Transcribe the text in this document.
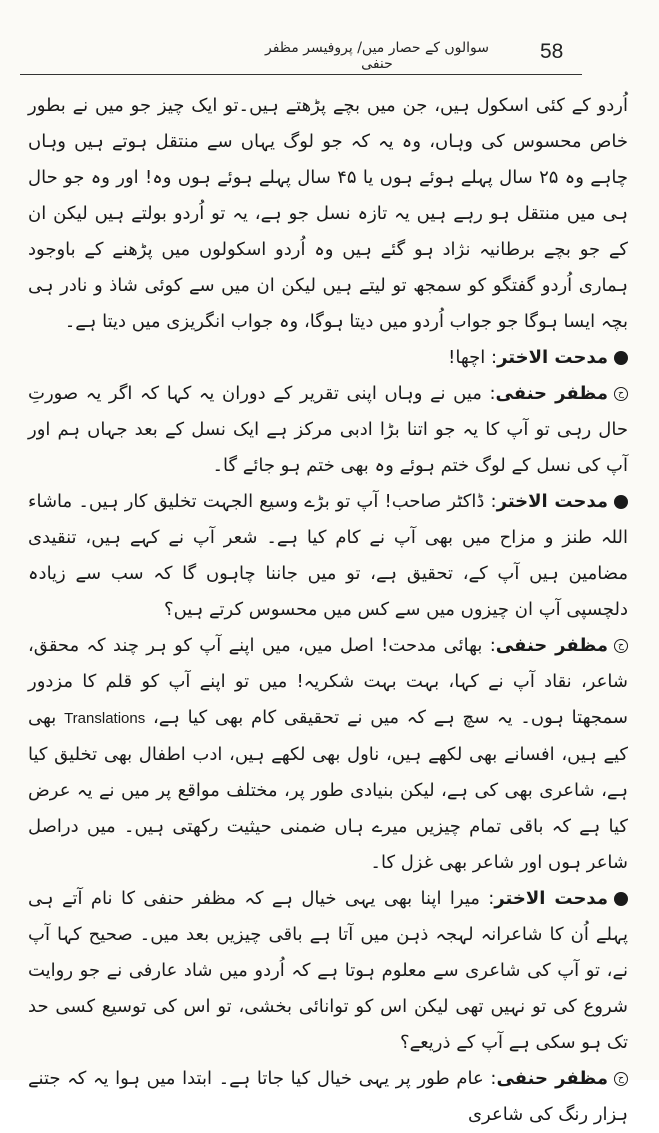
58
سوالوں کے حصار میں/ پروفیسر مظفر حنفی

اُردو کے کئی اسکول ہیں، جن میں بچے پڑھتے ہیں۔تو ایک چیز جو میں نے بطور خاص محسوس کی وہاں، وہ یہ کہ جو لوگ یہاں سے منتقل ہوتے ہیں وہاں چاہے وہ ۲۵ سال پہلے ہوئے ہوں یا ۴۵ سال پہلے ہوئے ہوں وہ! اور وہ جو حال ہی میں منتقل ہو رہے ہیں یہ تازہ نسل جو ہے، یہ تو اُردو بولتے ہیں لیکن ان کے جو بچے برطانیہ نژاد ہو گئے ہیں وہ اُردو اسکولوں میں پڑھنے کے باوجود ہماری اُردو گفتگو کو سمجھ تو لیتے ہیں لیکن ان میں سے کوئی شاذ و نادر ہی بچہ ایسا ہوگا جو جواب اُردو میں دیتا ہوگا، وہ جواب انگریزی میں دیتا ہے۔

مدحت الاختر: اچھا!

حمظفر حنفی: میں نے وہاں اپنی تقریر کے دوران یہ کہا کہ اگر یہ صورتِ حال رہی تو آپ کا یہ جو اتنا بڑا ادبی مرکز ہے ایک نسل کے بعد جہاں ہم اور آپ کی نسل کے لوگ ختم ہوئے وہ بھی ختم ہو جائے گا۔

مدحت الاختر: ڈاکٹر صاحب! آپ تو بڑے وسیع الجہت تخلیق کار ہیں۔ ماشاء اللہ طنز و مزاح میں بھی آپ نے کام کیا ہے۔ شعر آپ نے کہے ہیں، تنقیدی مضامین ہیں آپ کے، تحقیق ہے، تو میں جاننا چاہوں گا کہ سب سے زیادہ دلچسپی آپ ان چیزوں میں سے کس میں محسوس کرتے ہیں؟

حمظفر حنفی: بھائی مدحت! اصل میں، میں اپنے آپ کو ہر چند کہ محقق، شاعر، نقاد آپ نے کہا، بہت بہت شکریہ! میں تو اپنے آپ کو قلم کا مزدور سمجھتا ہوں۔ یہ سچ ہے کہ میں نے تحقیقی کام بھی کیا ہے، Translations بھی کیے ہیں، افسانے بھی لکھے ہیں، ناول بھی لکھے ہیں، ادب اطفال بھی تخلیق کیا ہے، شاعری بھی کی ہے، لیکن بنیادی طور پر، مختلف مواقع پر میں نے یہ عرض کیا ہے کہ باقی تمام چیزیں میرے ہاں ضمنی حیثیت رکھتی ہیں۔ میں دراصل شاعر ہوں اور شاعر بھی غزل کا۔

مدحت الاختر: میرا اپنا بھی یہی خیال ہے کہ مظفر حنفی کا نام آتے ہی پہلے اُن کا شاعرانہ لہجہ ذہن میں آتا ہے باقی چیزیں بعد میں۔ صحیح کہا آپ نے، تو آپ کی شاعری سے معلوم ہوتا ہے کہ اُردو میں شاد عارفی نے جو روایت شروع کی تو نہیں تھی لیکن اس کو توانائی بخشی، تو اس کی توسیع کسی حد تک ہو سکی ہے آپ کے ذریعے؟

حمظفر حنفی: عام طور پر یہی خیال کیا جاتا ہے۔ ابتدا میں ہوا یہ کہ جتنے ہزار رنگ کی شاعری
